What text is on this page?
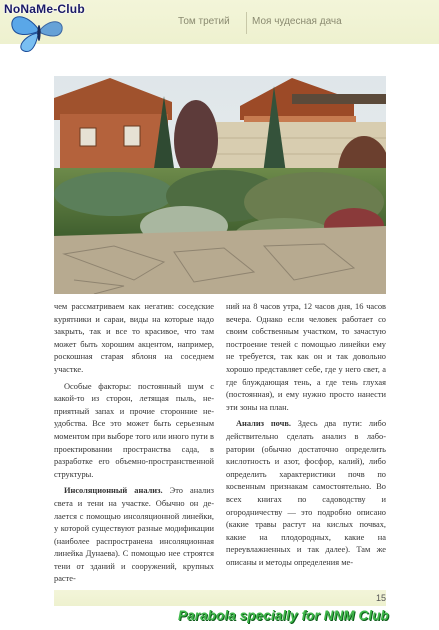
Том третий	Моя чудесная дача
NoNaMe-Club

чем рассматриваем как негатив: соседские курятники и сараи, виды на которые надо закрыть, так и все то красивое, что там может быть хорошим акцентом, например, роскошная старая яблоня на соседнем участке.

Особые факторы: постоянный шум с какой-то из сторон, летящая пыль, неприятный запах и прочие сторонние неудобства. Все это может быть серьезным моментом при выборе того или иного пути в проектировании пространства сада, в разработке его объемно-пространственной структуры.

Инсоляционный анализ. Это анализ света и тени на участке. Обычно он делается с помощью инсоляционной линейки, у которой существуют разные модификации (наиболее распространена инсоляционная линейка Дунаева). С помощью нее строятся тени от зданий и сооружений, крупных расте-

ний на 8 часов утра, 12 часов дня, 16 часов вечера. Однако если человек работает со своим собственным участком, то зачастую построение теней с помощью линейки ему не требуется, так как он и так довольно хорошо представляет себе, где у него свет, а где блуждающая тень, а где тень глухая (постоянная), и ему нужно просто нанести эти зоны на план.

Анализ почв. Здесь два пути: либо действительно сделать анализ в лаборатории (обычно достаточно определить кислотность и азот, фосфор, калий), либо определить характеристики почв по косвенным признакам самостоятельно. Во всех книгах по садоводству и огородничеству — это подробно описано (какие травы растут на кислых почвах, какие на плодородных, какие на переувлажненных и так далее). Там же описаны и методы определения ме-

15
Parabola specially for NNM Club
